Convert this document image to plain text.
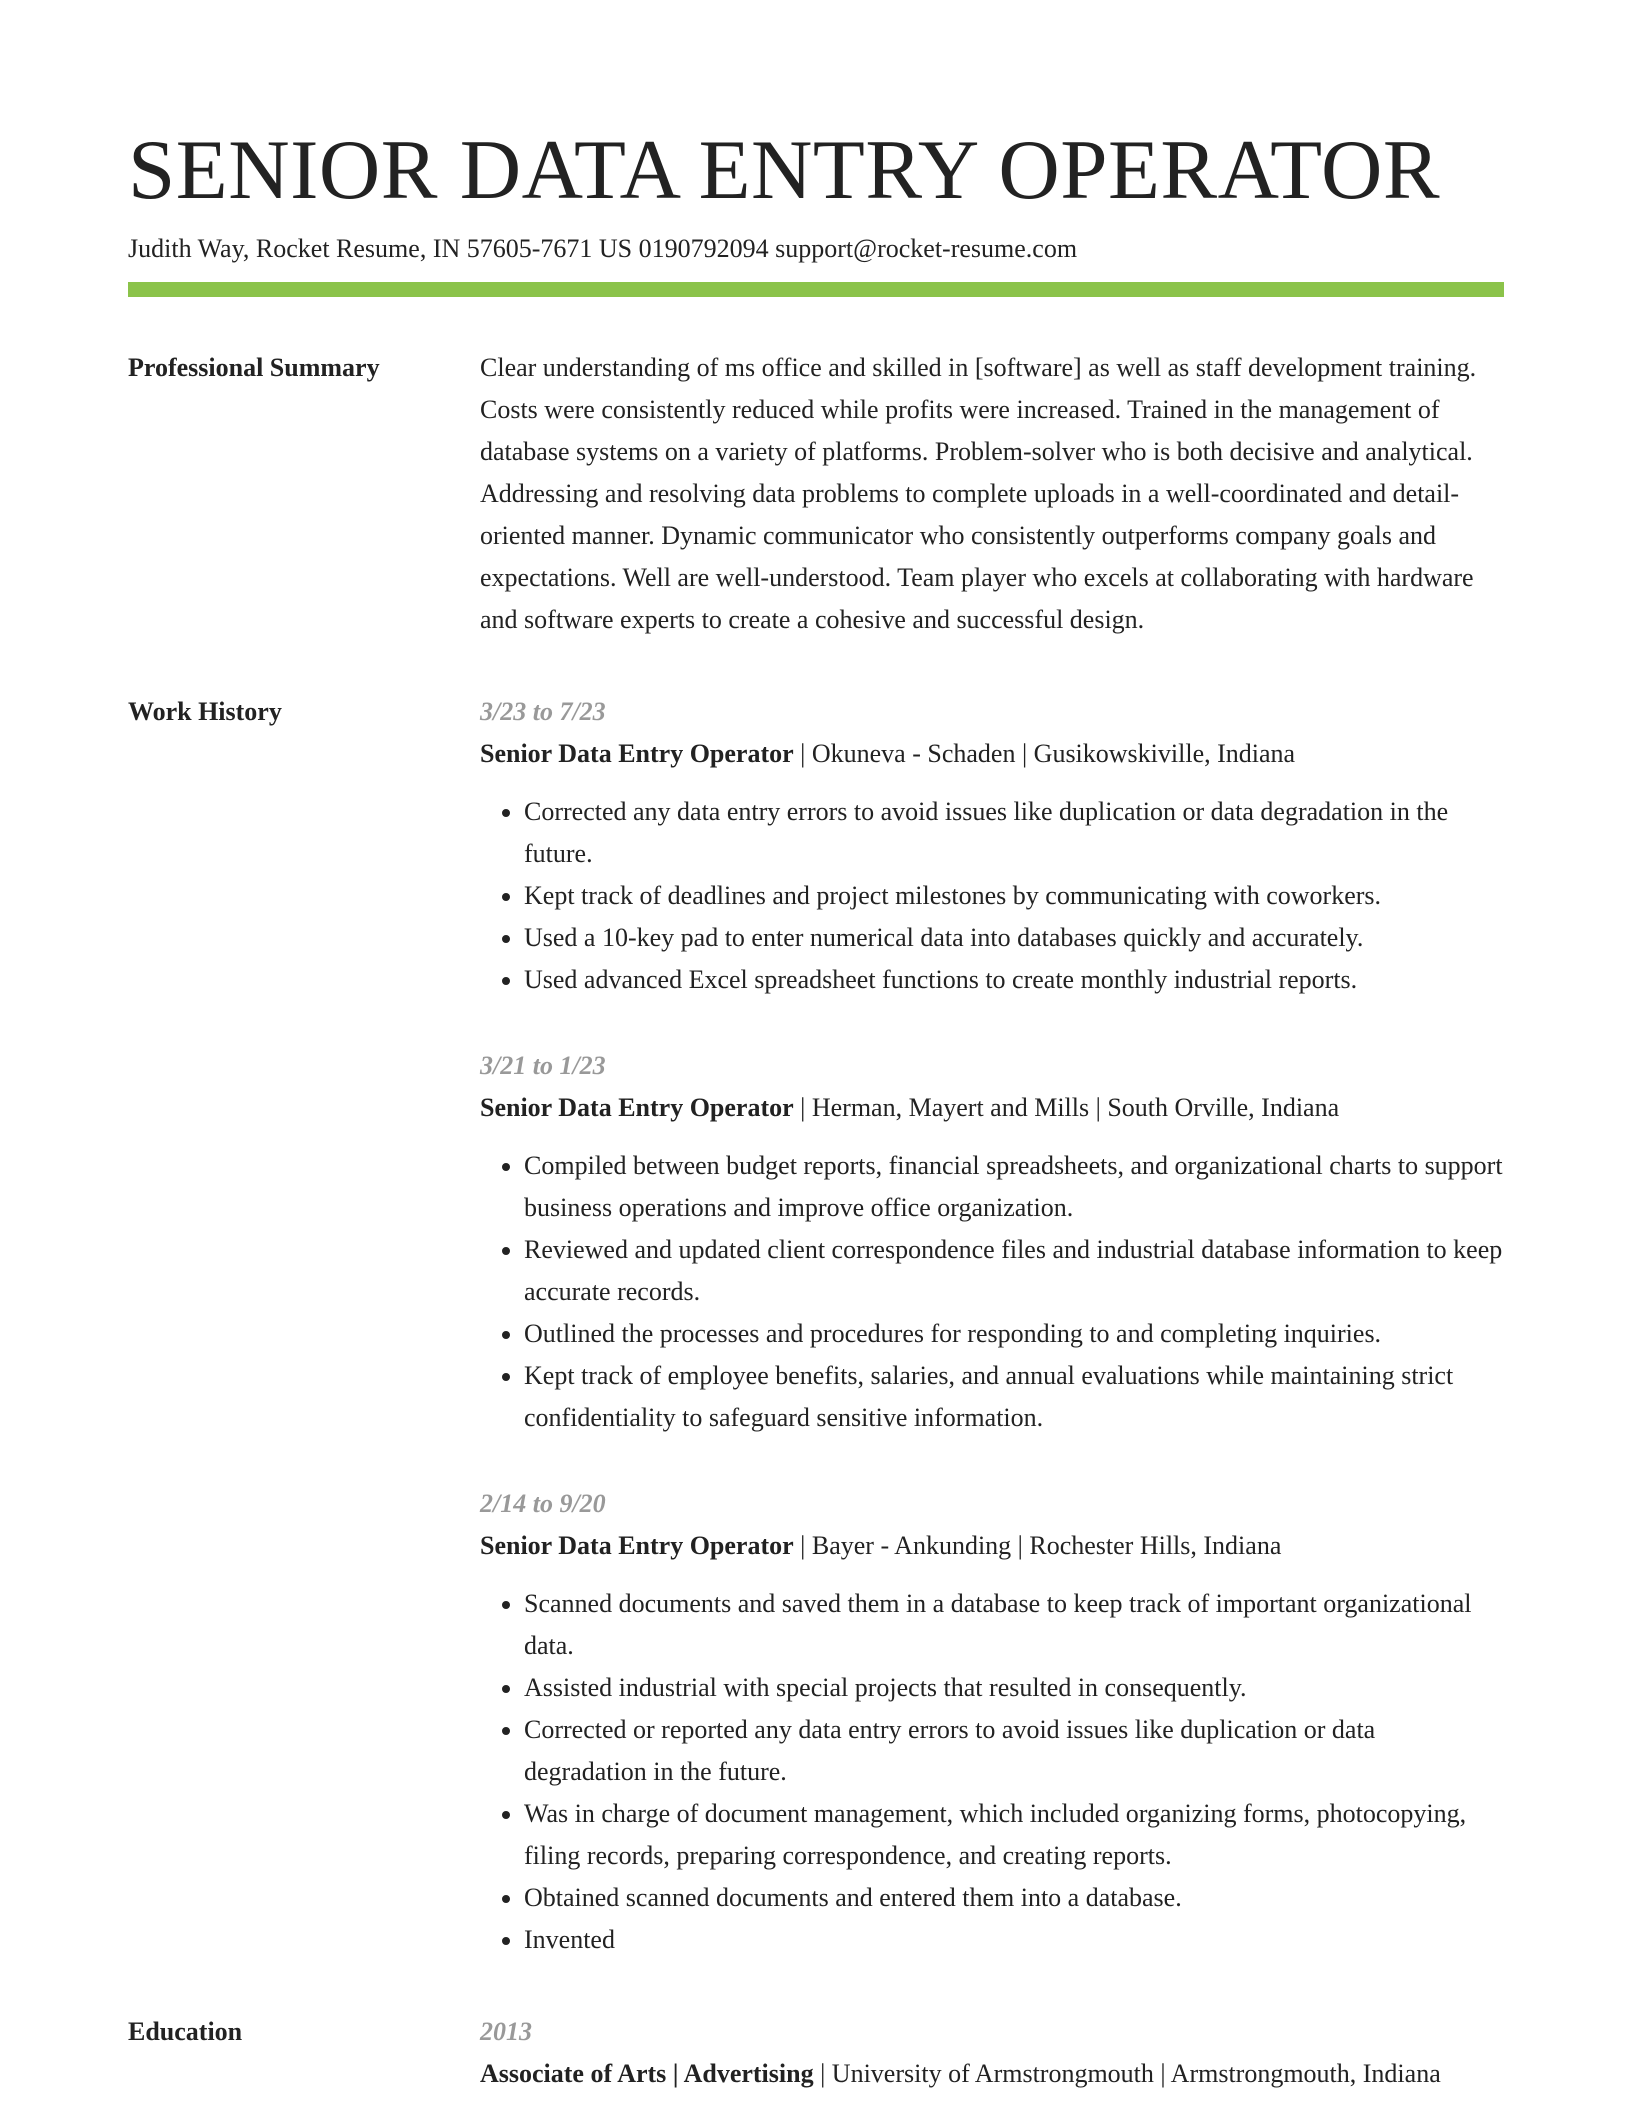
SENIOR DATA ENTRY OPERATOR
Judith Way, Rocket Resume, IN 57605-7671 US 0190792094 support@rocket-resume.com
Professional Summary	Clear understanding of ms office and skilled in [software] as well as staff development training. Costs were consistently reduced while profits were increased. Trained in the management of database systems on a variety of platforms. Problem-solver who is both decisive and analytical. Addressing and resolving data problems to complete uploads in a well-coordinated and detail-oriented manner. Dynamic communicator who consistently outperforms company goals and expectations. Well are well-understood. Team player who excels at collaborating with hardware and software experts to create a cohesive and successful design.

Work History	3/23 to 7/23
Senior Data Entry Operator | Okuneva - Schaden | Gusikowskiville, Indiana
• Corrected any data entry errors to avoid issues like duplication or data degradation in the future.
• Kept track of deadlines and project milestones by communicating with coworkers.
• Used a 10-key pad to enter numerical data into databases quickly and accurately.
• Used advanced Excel spreadsheet functions to create monthly industrial reports.
3/21 to 1/23
Senior Data Entry Operator | Herman, Mayert and Mills | South Orville, Indiana
• Compiled between budget reports, financial spreadsheets, and organizational charts to support business operations and improve office organization.
• Reviewed and updated client correspondence files and industrial database information to keep accurate records.
• Outlined the processes and procedures for responding to and completing inquiries.
• Kept track of employee benefits, salaries, and annual evaluations while maintaining strict confidentiality to safeguard sensitive information.
2/14 to 9/20
Senior Data Entry Operator | Bayer - Ankunding | Rochester Hills, Indiana
• Scanned documents and saved them in a database to keep track of important organizational data.
• Assisted industrial with special projects that resulted in consequently.
• Corrected or reported any data entry errors to avoid issues like duplication or data degradation in the future.
• Was in charge of document management, which included organizing forms, photocopying, filing records, preparing correspondence, and creating reports.
• Obtained scanned documents and entered them into a database.
• Invented
Education	2013
Associate of Arts | Advertising | University of Armstrongmouth | Armstrongmouth, Indiana
